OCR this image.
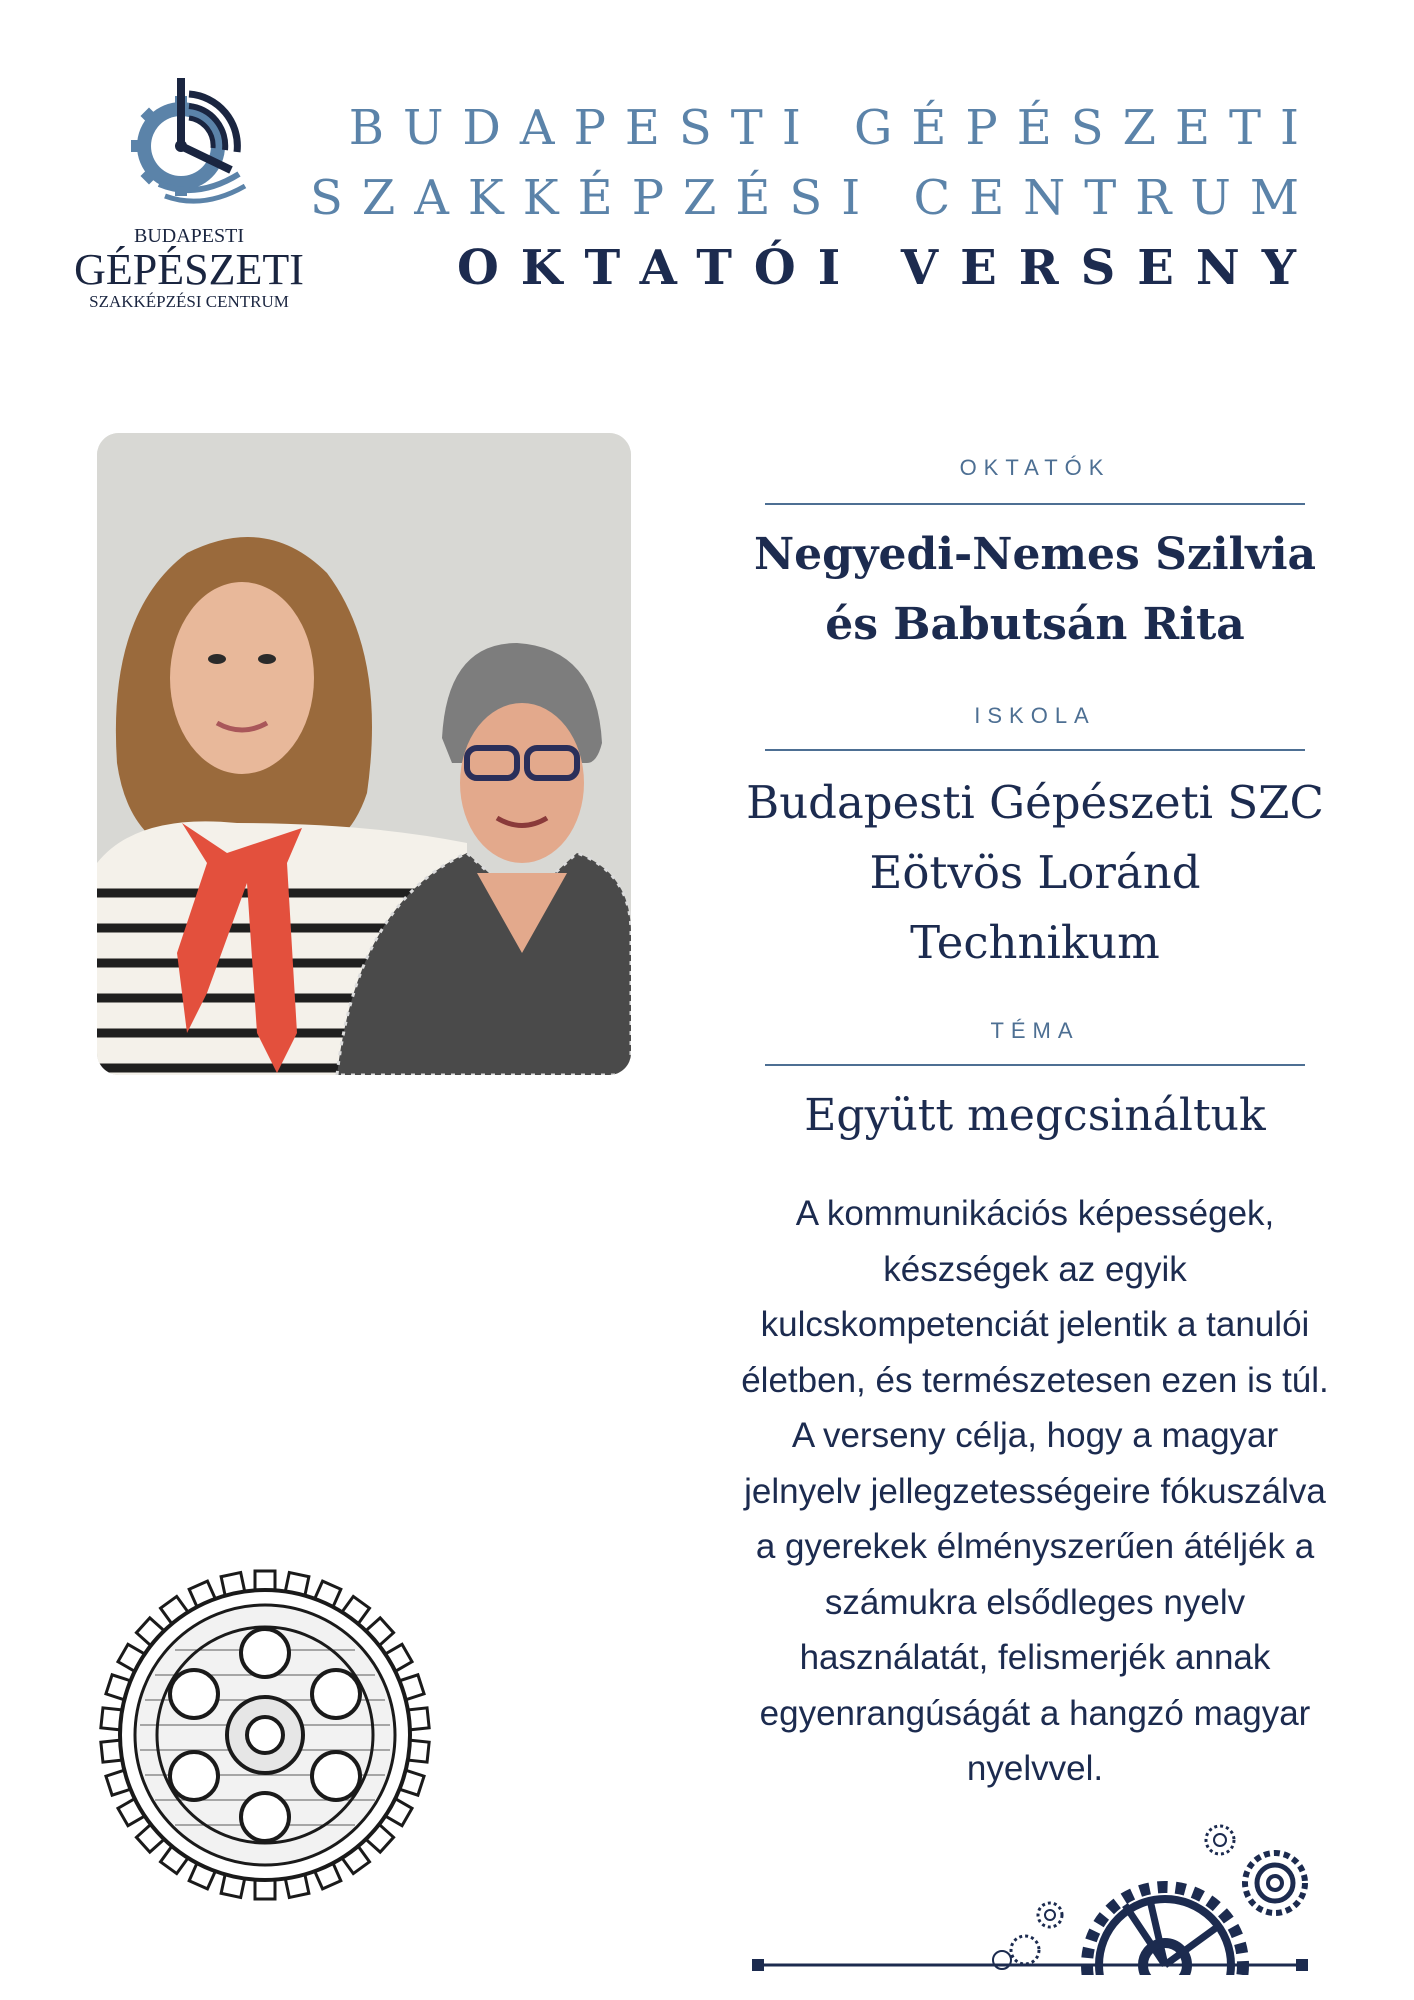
BUDAPESTI
GÉPÉSZETI
SZAKKÉPZÉSI CENTRUM
BUDAPESTI GÉPÉSZETI
SZAKKÉPZÉSI CENTRUM
OKTATÓI VERSENY
OKTATÓK
Negyedi-Nemes Szilvia
és Babutsán Rita
ISKOLA
Budapesti Gépészeti SZC
Eötvös Loránd
Technikum
TÉMA
Együtt megcsináltuk
A kommunikációs képességek,
készségek az egyik
kulcskompetenciát jelentik a tanulói
életben, és természetesen ezen is túl.
A verseny célja, hogy a magyar
jelnyelv jellegzetességeire fókuszálva
a gyerekek élményszerűen átéljék a
számukra elsődleges nyelv
használatát, felismerjék annak
egyenrangúságát a hangzó magyar
nyelvvel.
